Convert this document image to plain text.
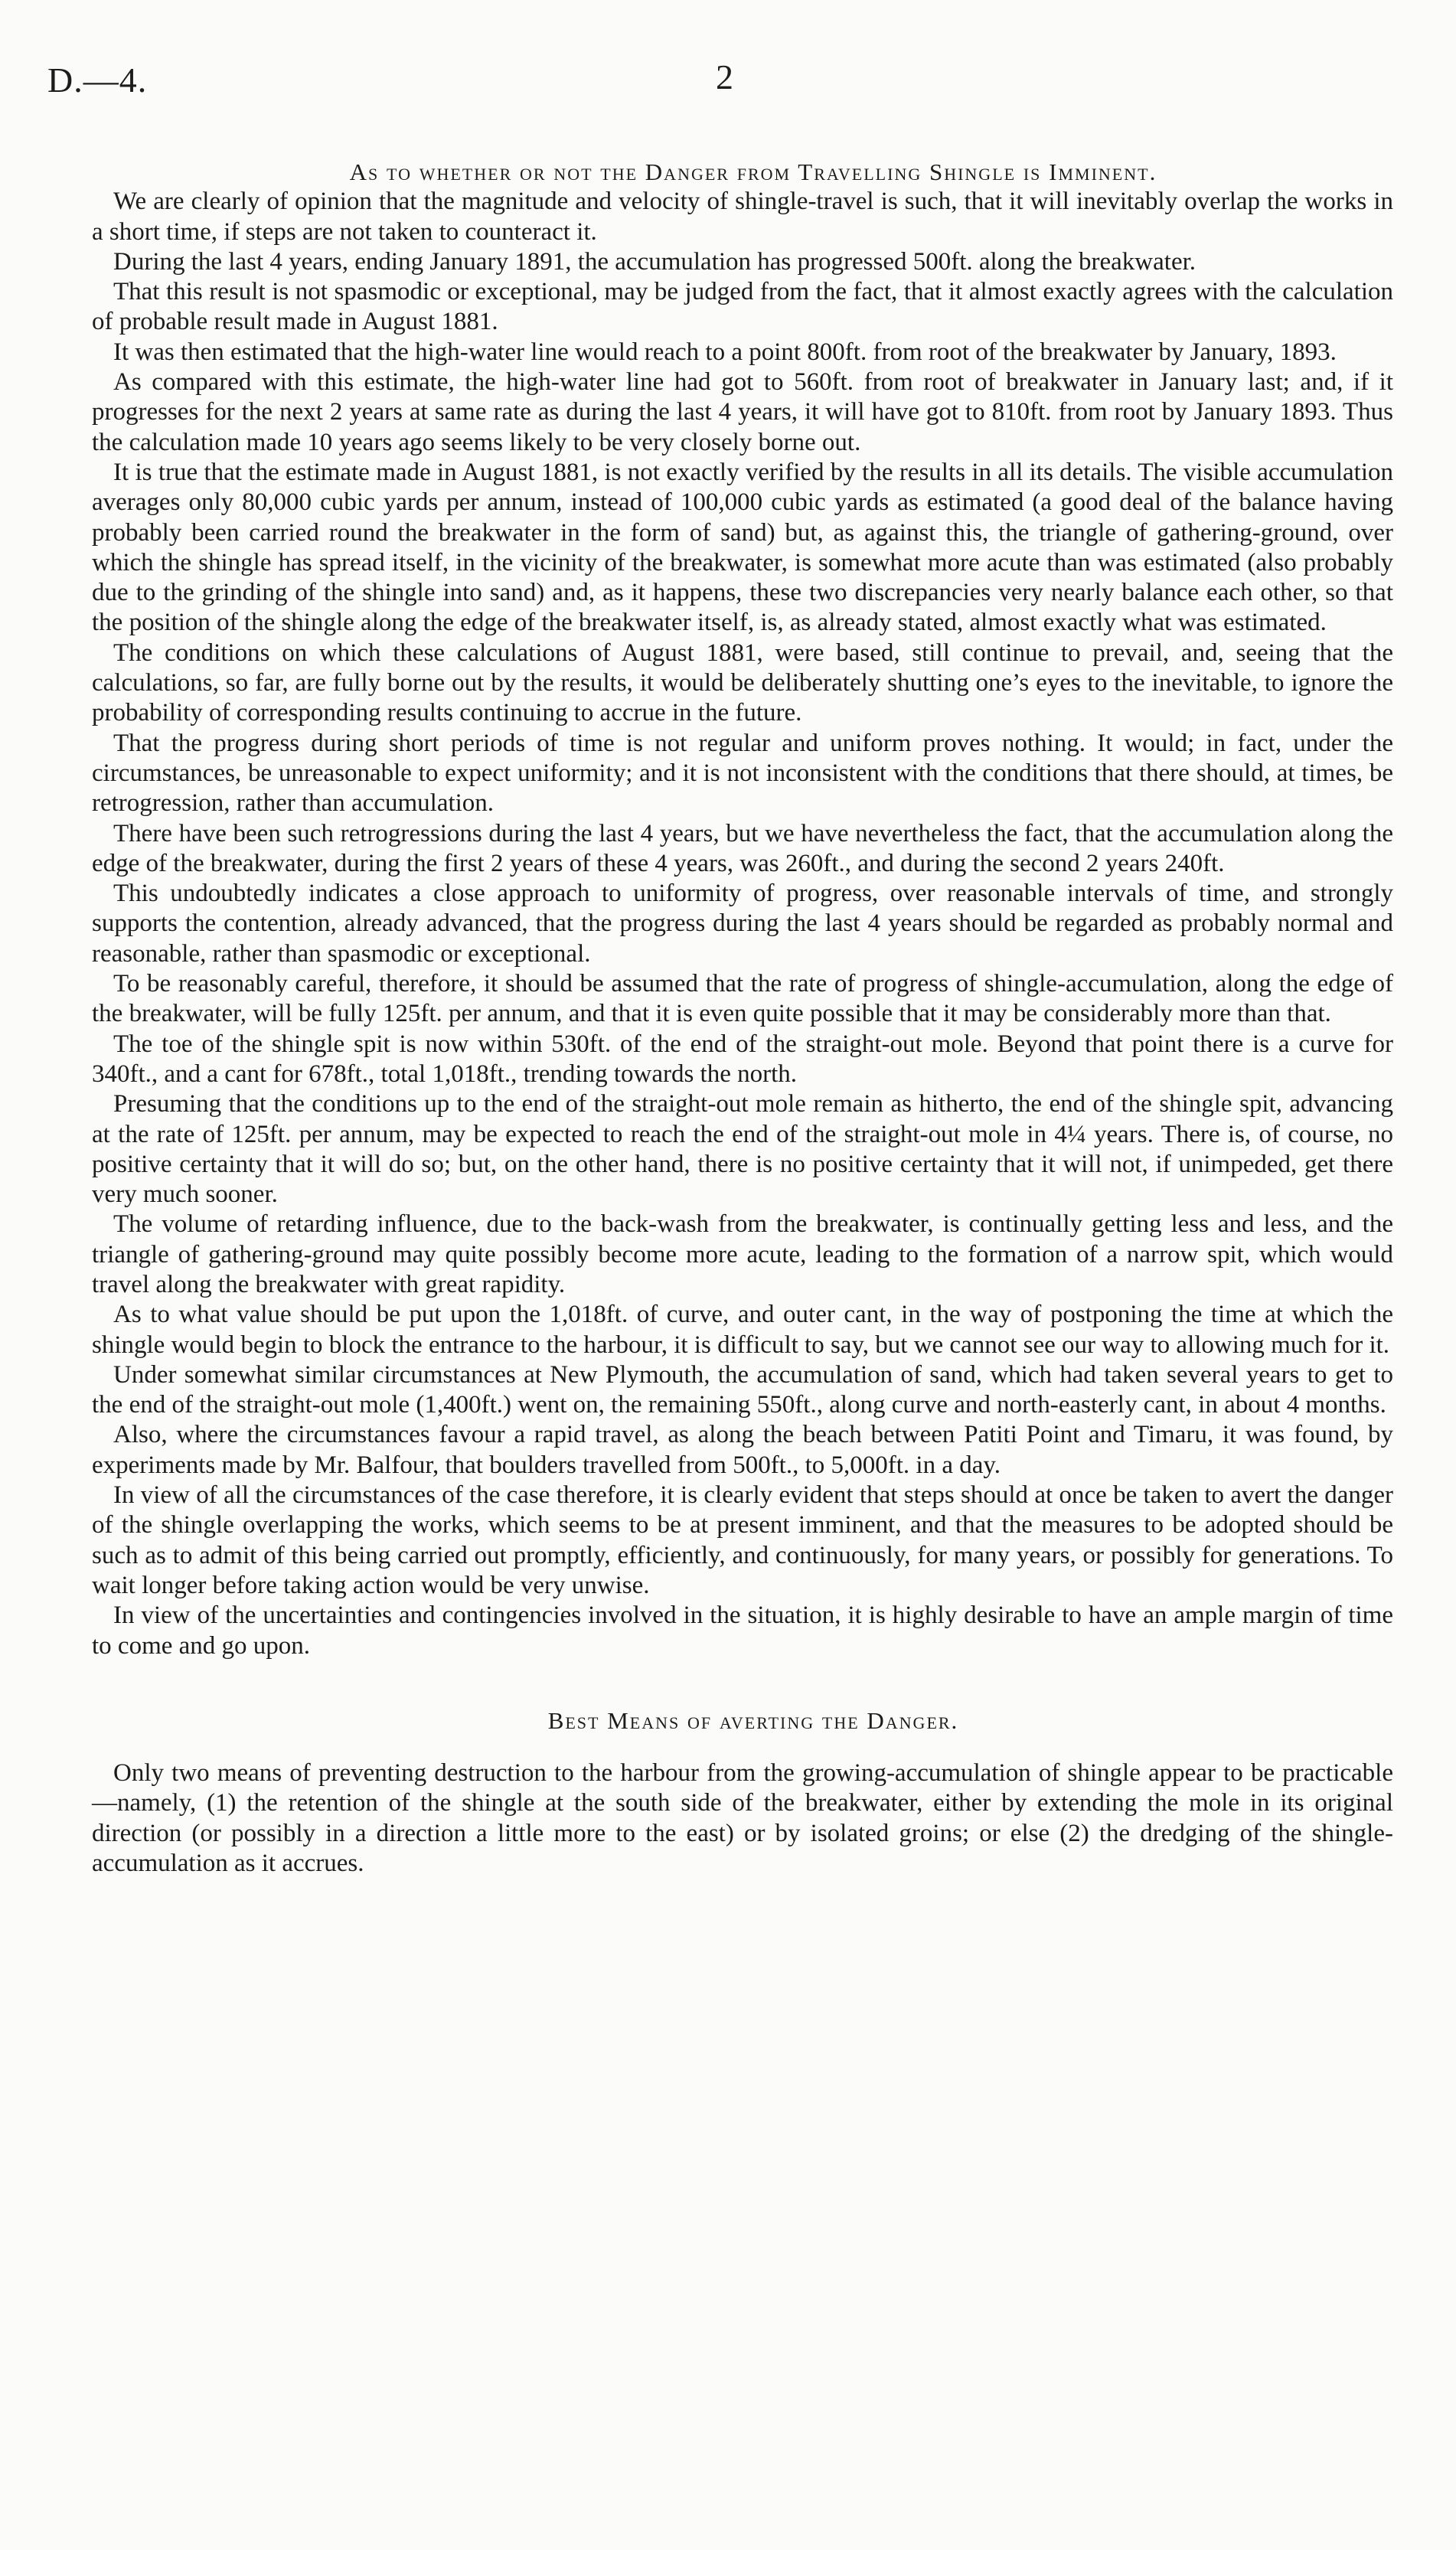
D.—4.	2

As to whether or not the Danger from Travelling Shingle is Imminent.

We are clearly of opinion that the magnitude and velocity of shingle-travel is such, that it will inevitably overlap the works in a short time, if steps are not taken to counteract it.

During the last 4 years, ending January 1891, the accumulation has progressed 500ft. along the breakwater.

That this result is not spasmodic or exceptional, may be judged from the fact, that it almost exactly agrees with the calculation of probable result made in August 1881.

It was then estimated that the high-water line would reach to a point 800ft. from root of the breakwater by January, 1893.

As compared with this estimate, the high-water line had got to 560ft. from root of breakwater in January last; and, if it progresses for the next 2 years at same rate as during the last 4 years, it will have got to 810ft. from root by January 1893. Thus the calculation made 10 years ago seems likely to be very closely borne out.

It is true that the estimate made in August 1881, is not exactly verified by the results in all its details. The visible accumulation averages only 80,000 cubic yards per annum, instead of 100,000 cubic yards as estimated (a good deal of the balance having probably been carried round the breakwater in the form of sand) but, as against this, the triangle of gathering-ground, over which the shingle has spread itself, in the vicinity of the breakwater, is somewhat more acute than was estimated (also probably due to the grinding of the shingle into sand) and, as it happens, these two discrepancies very nearly balance each other, so that the position of the shingle along the edge of the breakwater itself, is, as already stated, almost exactly what was estimated.

The conditions on which these calculations of August 1881, were based, still continue to prevail, and, seeing that the calculations, so far, are fully borne out by the results, it would be deliberately shutting one’s eyes to the inevitable, to ignore the probability of corresponding results continuing to accrue in the future.

That the progress during short periods of time is not regular and uniform proves nothing. It would; in fact, under the circumstances, be unreasonable to expect uniformity; and it is not inconsistent with the conditions that there should, at times, be retrogression, rather than accumulation.

There have been such retrogressions during the last 4 years, but we have nevertheless the fact, that the accumulation along the edge of the breakwater, during the first 2 years of these 4 years, was 260ft., and during the second 2 years 240ft.

This undoubtedly indicates a close approach to uniformity of progress, over reasonable intervals of time, and strongly supports the contention, already advanced, that the progress during the last 4 years should be regarded as probably normal and reasonable, rather than spasmodic or exceptional.

To be reasonably careful, therefore, it should be assumed that the rate of progress of shingle-accumulation, along the edge of the breakwater, will be fully 125ft. per annum, and that it is even quite possible that it may be considerably more than that.

The toe of the shingle spit is now within 530ft. of the end of the straight-out mole. Beyond that point there is a curve for 340ft., and a cant for 678ft., total 1,018ft., trending towards the north.

Presuming that the conditions up to the end of the straight-out mole remain as hitherto, the end of the shingle spit, advancing at the rate of 125ft. per annum, may be expected to reach the end of the straight-out mole in 4¼ years. There is, of course, no positive certainty that it will do so; but, on the other hand, there is no positive certainty that it will not, if unimpeded, get there very much sooner.

The volume of retarding influence, due to the back-wash from the breakwater, is continually getting less and less, and the triangle of gathering-ground may quite possibly become more acute, leading to the formation of a narrow spit, which would travel along the breakwater with great rapidity.

As to what value should be put upon the 1,018ft. of curve, and outer cant, in the way of postponing the time at which the shingle would begin to block the entrance to the harbour, it is difficult to say, but we cannot see our way to allowing much for it.

Under somewhat similar circumstances at New Plymouth, the accumulation of sand, which had taken several years to get to the end of the straight-out mole (1,400ft.) went on, the remaining 550ft., along curve and north-easterly cant, in about 4 months.

Also, where the circumstances favour a rapid travel, as along the beach between Patiti Point and Timaru, it was found, by experiments made by Mr. Balfour, that boulders travelled from 500ft., to 5,000ft. in a day.

In view of all the circumstances of the case therefore, it is clearly evident that steps should at once be taken to avert the danger of the shingle overlapping the works, which seems to be at present imminent, and that the measures to be adopted should be such as to admit of this being carried out promptly, efficiently, and continuously, for many years, or possibly for generations. To wait longer before taking action would be very unwise.

In view of the uncertainties and contingencies involved in the situation, it is highly desirable to have an ample margin of time to come and go upon.

Best Means of averting the Danger.

Only two means of preventing destruction to the harbour from the growing-accumulation of shingle appear to be practicable—namely, (1) the retention of the shingle at the south side of the breakwater, either by extending the mole in its original direction (or possibly in a direction a little more to the east) or by isolated groins; or else (2) the dredging of the shingle-accumulation as it accrues.
